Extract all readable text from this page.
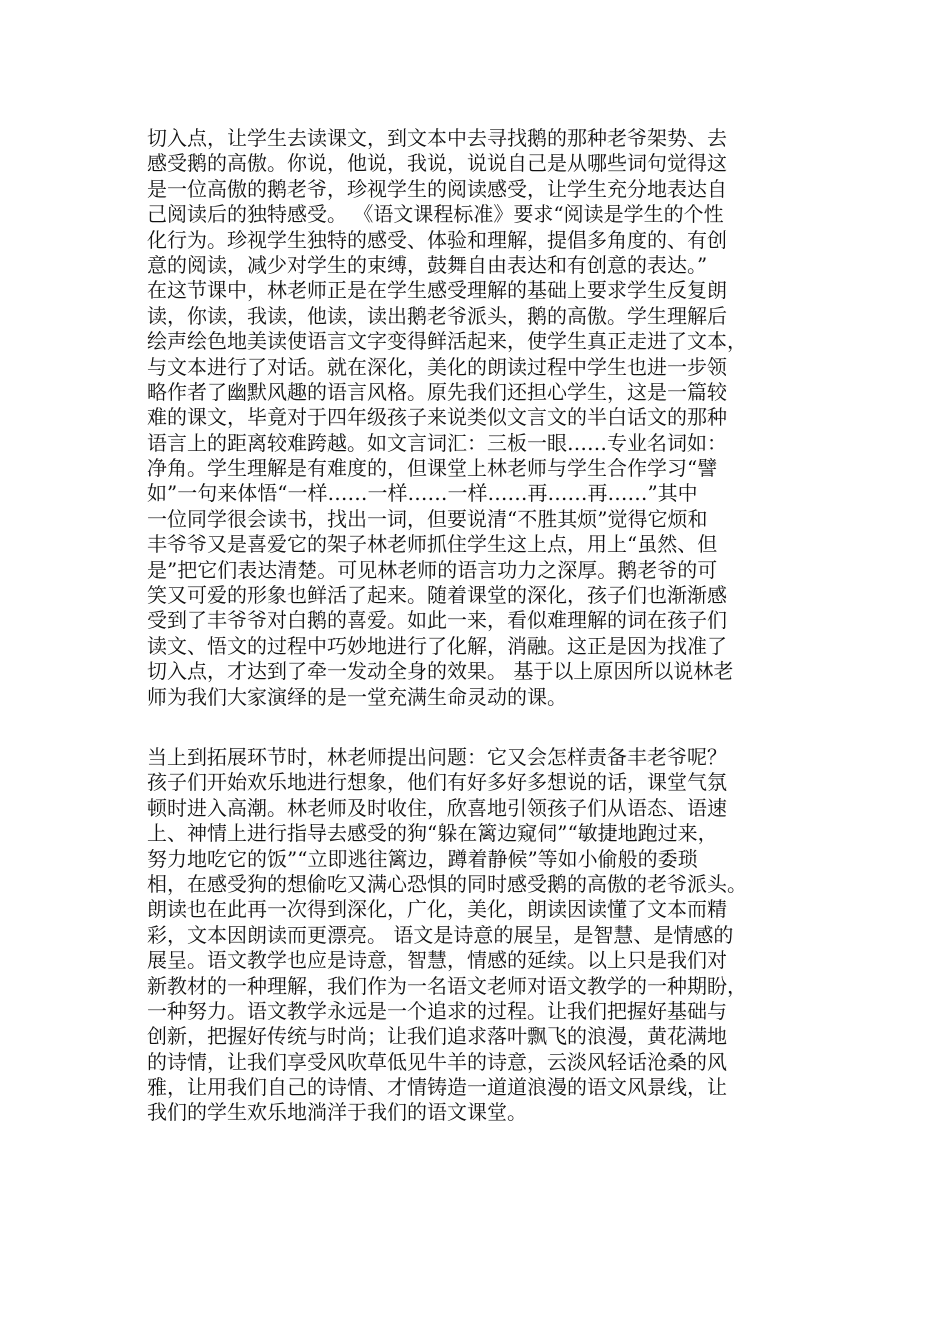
切入点，让学生去读课文，到文本中去寻找鹅的那种老爷架势、去
感受鹅的高傲。你说，他说，我说，说说自己是从哪些词句觉得这
是一位高傲的鹅老爷，珍视学生的阅读感受，让学生充分地表达自
己阅读后的独特感受。 《语文课程标准》要求“阅读是学生的个性
化行为。珍视学生独特的感受、体验和理解，提倡多角度的、有创
意的阅读，减少对学生的束缚，鼓舞自由表达和有创意的表达。”
在这节课中，林老师正是在学生感受理解的基础上要求学生反复朗
读，你读，我读，他读，读出鹅老爷派头，鹅的高傲。学生理解后
绘声绘色地美读使语言文字变得鲜活起来，使学生真正走进了文本，
与文本进行了对话。就在深化，美化的朗读过程中学生也进一步领
略作者了幽默风趣的语言风格。原先我们还担心学生，这是一篇较
难的课文，毕竟对于四年级孩子来说类似文言文的半白话文的那种
语言上的距离较难跨越。如文言词汇：三板一眼……专业名词如：
净角。学生理解是有难度的，但课堂上林老师与学生合作学习“譬
如”一句来体悟“一样……一样……一样……再……再……”其中
一位同学很会读书，找出一词，但要说清“不胜其烦”觉得它烦和
丰爷爷又是喜爱它的架子林老师抓住学生这上点，用上“虽然、但
是”把它们表达清楚。可见林老师的语言功力之深厚。鹅老爷的可
笑又可爱的形象也鲜活了起来。随着课堂的深化，孩子们也渐渐感
受到了丰爷爷对白鹅的喜爱。如此一来，看似难理解的词在孩子们
读文、悟文的过程中巧妙地进行了化解，消融。这正是因为找准了
切入点，才达到了牵一发动全身的效果。 基于以上原因所以说林老
师为我们大家演绎的是一堂充满生命灵动的课。
当上到拓展环节时，林老师提出问题：它又会怎样责备丰老爷呢？
孩子们开始欢乐地进行想象，他们有好多好多想说的话，课堂气氛
顿时进入高潮。林老师及时收住，欣喜地引领孩子们从语态、语速
上、神情上进行指导去感受的狗“躲在篱边窥伺”“敏捷地跑过来，
努力地吃它的饭”“立即逃往篱边，蹲着静候”等如小偷般的委琐
相，在感受狗的想偷吃又满心恐惧的同时感受鹅的高傲的老爷派头。
朗读也在此再一次得到深化，广化，美化，朗读因读懂了文本而精
彩，文本因朗读而更漂亮。 语文是诗意的展呈，是智慧、是情感的
展呈。语文教学也应是诗意，智慧，情感的延续。以上只是我们对
新教材的一种理解，我们作为一名语文老师对语文教学的一种期盼，
一种努力。语文教学永远是一个追求的过程。让我们把握好基础与
创新，把握好传统与时尚；让我们追求落叶飘飞的浪漫，黄花满地
的诗情，让我们享受风吹草低见牛羊的诗意，云淡风轻话沧桑的风
雅，让用我们自己的诗情、才情铸造一道道浪漫的语文风景线，让
我们的学生欢乐地淌洋于我们的语文课堂。
